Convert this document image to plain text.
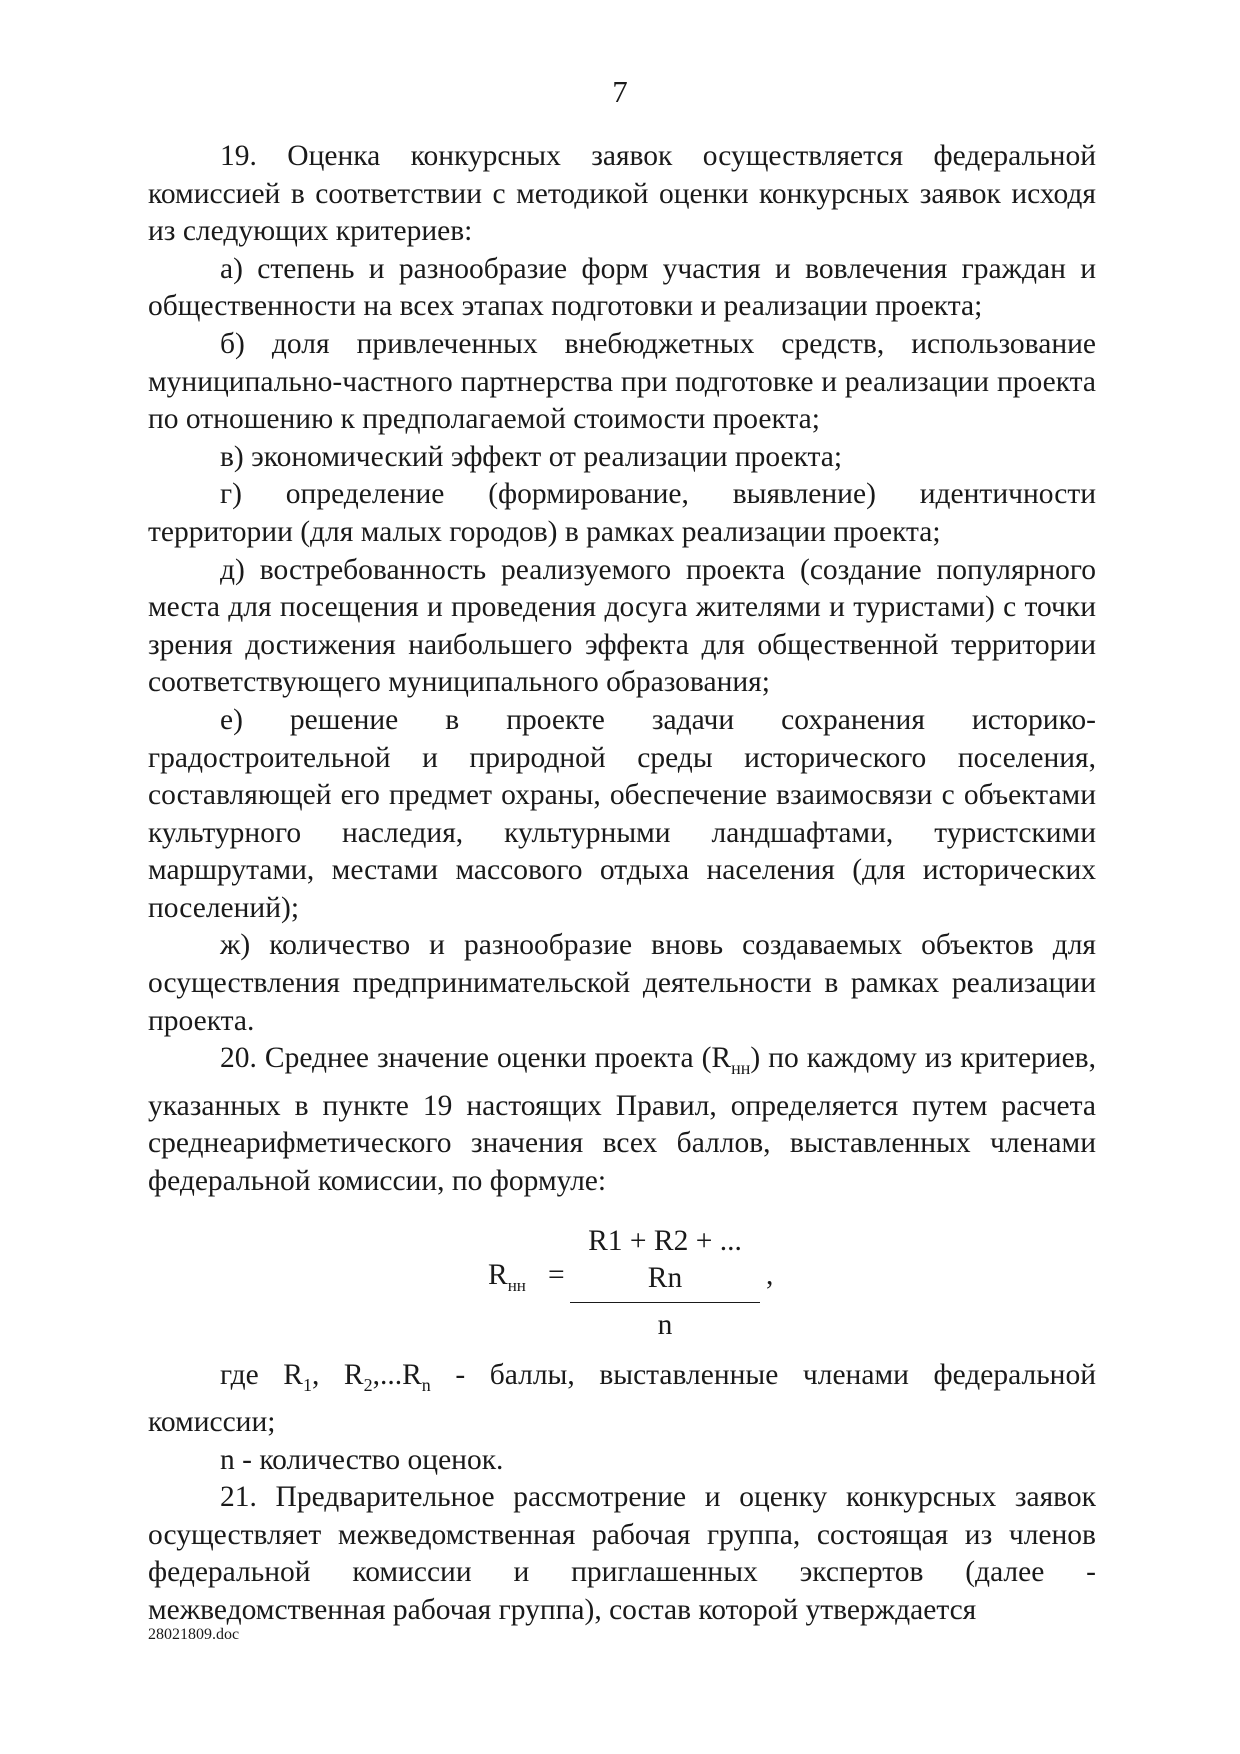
7

19. Оценка конкурсных заявок осуществляется федеральной комиссией в соответствии с методикой оценки конкурсных заявок исходя из следующих критериев:

а) степень и разнообразие форм участия и вовлечения граждан и общественности на всех этапах подготовки и реализации проекта;

б) доля привлеченных внебюджетных средств, использование муниципально-частного партнерства при подготовке и реализации проекта по отношению к предполагаемой стоимости проекта;

в) экономический эффект от реализации проекта;

г) определение (формирование, выявление) идентичности территории (для малых городов) в рамках реализации проекта;

д) востребованность реализуемого проекта (создание популярного места для посещения и проведения досуга жителями и туристами) с точки зрения достижения наибольшего эффекта для общественной территории соответствующего муниципального образования;

е) решение в проекте задачи сохранения историко-градостроительной и природной среды исторического поселения, составляющей его предмет охраны, обеспечение взаимосвязи с объектами культурного наследия, культурными ландшафтами, туристскими маршрутами, местами массового отдыха населения (для исторических поселений);

ж) количество и разнообразие вновь создаваемых объектов для осуществления предпринимательской деятельности в рамках реализации проекта.

20. Среднее значение оценки проекта $(R_{нн})$ по каждому из критериев, указанных в пункте 19 настоящих Правил, определяется путем расчета среднеарифметического значения всех баллов, выставленных членами федеральной комиссии, по формуле:

$R_{нн} = \frac{R1 + R2 + ... Rn}{n}$ ,

где $R_1$, $R_2,...R_n$ - баллы, выставленные членами федеральной комиссии;

n - количество оценок.

21. Предварительное рассмотрение и оценку конкурсных заявок осуществляет межведомственная рабочая группа, состоящая из членов федеральной комиссии и приглашенных экспертов (далее - межведомственная рабочая группа), состав которой утверждается

28021809.doc
